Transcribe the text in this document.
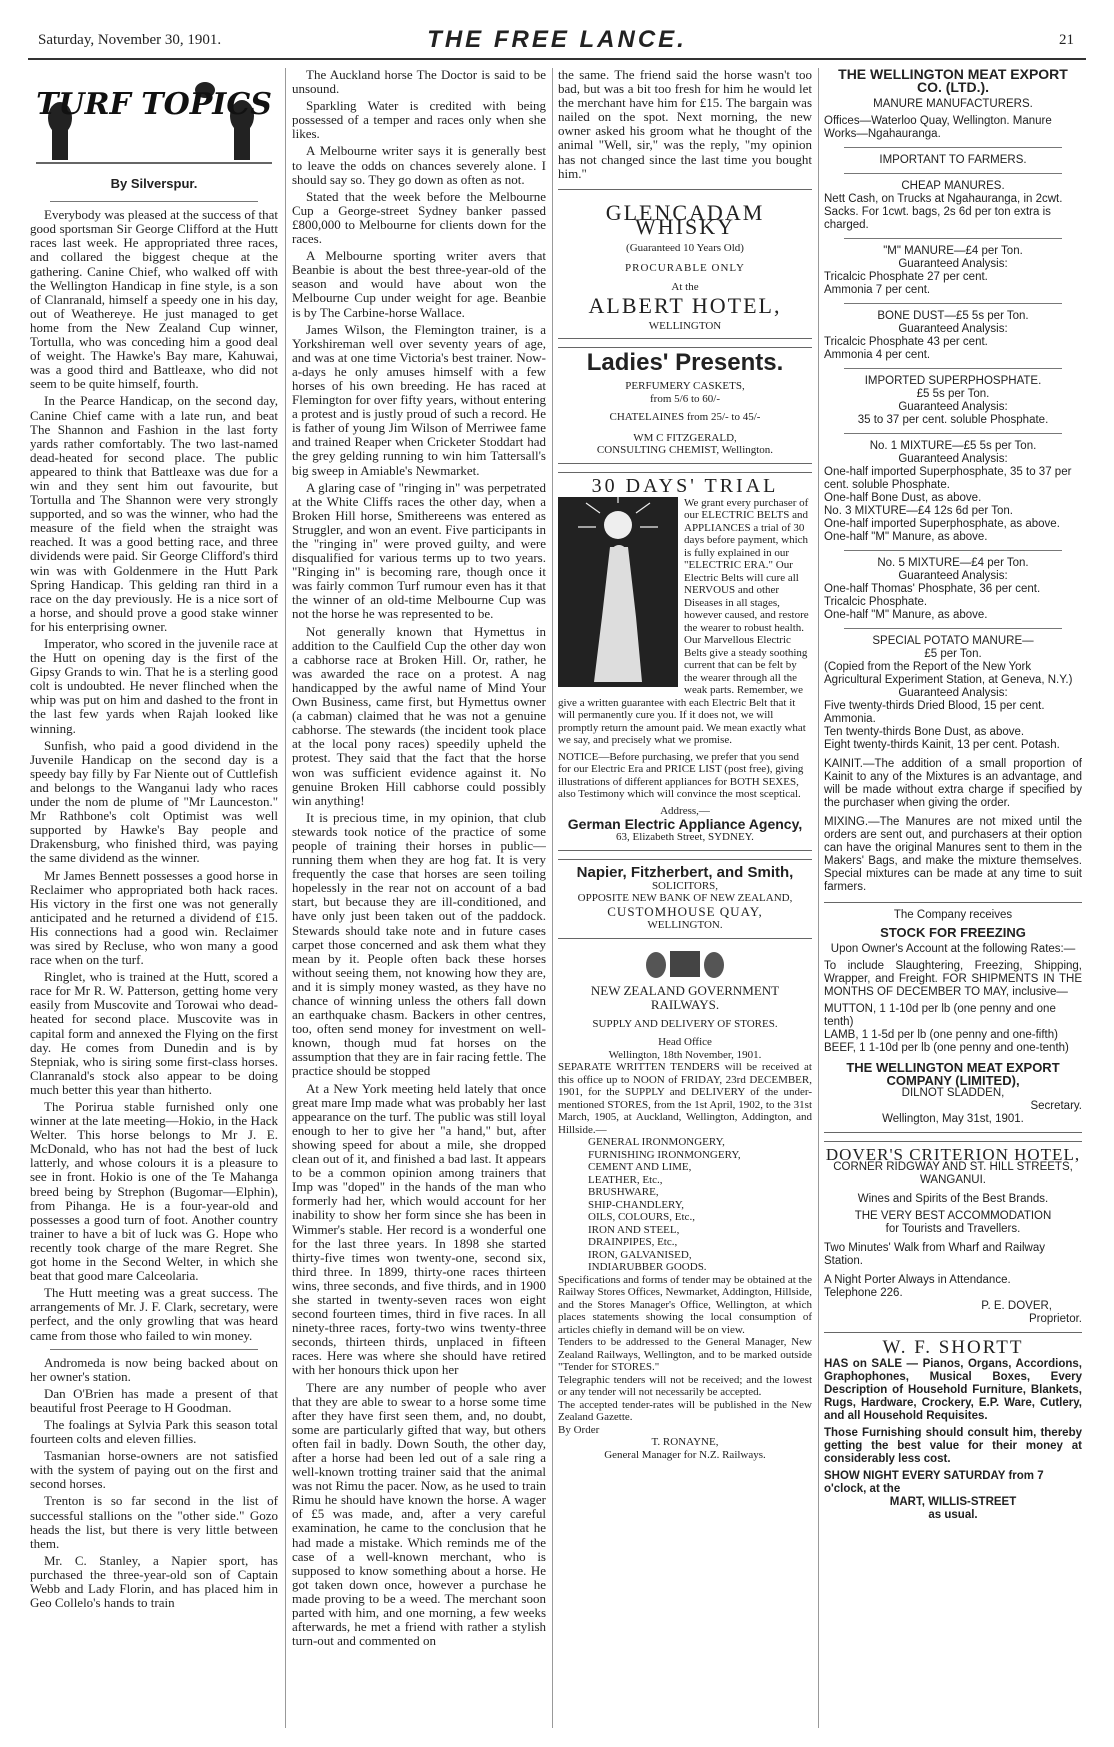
Saturday, November 30, 1901.	THE FREE LANCE.	21
TURF TOPICS
By Silverspur.

Everybody was pleased at the success of that good sportsman Sir George Clifford at the Hutt races last week. He appropriated three races, and collared the biggest cheque at the gathering. Canine Chief, who walked off with the Wellington Handicap in fine style, is a son of Clanranald, himself a speedy one in his day, out of Weathereye. He just managed to get home from the New Zealand Cup winner, Tortulla, who was conceding him a good deal of weight. The Hawke's Bay mare, Kahuwai, was a good third and Battleaxe, who did not seem to be quite himself, fourth.

In the Pearce Handicap, on the second day, Canine Chief came with a late run, and beat The Shannon and Fashion in the last forty yards rather comfortably. The two last-named dead-heated for second place. The public appeared to think that Battleaxe was due for a win and they sent him out favourite, but Tortulla and The Shannon were very strongly supported, and so was the winner, who had the measure of the field when the straight was reached. It was a good betting race, and three dividends were paid. Sir George Clifford's third win was with Goldenmere in the Hutt Park Spring Handicap. This gelding ran third in a race on the day previously. He is a nice sort of a horse, and should prove a good stake winner for his enterprising owner.

Imperator, who scored in the juvenile race at the Hutt on opening day is the first of the Gipsy Grands to win. That he is a sterling good colt is undoubted. He never flinched when the whip was put on him and dashed to the front in the last few yards when Rajah looked like winning.

Sunfish, who paid a good dividend in the Juvenile Handicap on the second day is a speedy bay filly by Far Niente out of Cuttlefish and belongs to the Wanganui lady who races under the nom de plume of "Mr Launceston." Mr Rathbone's colt Optimist was well supported by Hawke's Bay people and Drakensburg, who finished third, was paying the same dividend as the winner.

Mr James Bennett possesses a good horse in Reclaimer who appropriated both hack races. His victory in the first one was not generally anticipated and he returned a dividend of £15. His connections had a good win. Reclaimer was sired by Recluse, who won many a good race when on the turf.

Ringlet, who is trained at the Hutt, scored a race for Mr R. W. Patterson, getting home very easily from Muscovite and Torowai who dead-heated for second place. Muscovite was in capital form and annexed the Flying on the first day. He comes from Dunedin and is by Stepniak, who is siring some first-class horses. Clanranald's stock also appear to be doing much better this year than hitherto.

The Porirua stable furnished only one winner at the late meeting—Hokio, in the Hack Welter. This horse belongs to Mr J. E. McDonald, who has not had the best of luck latterly, and whose colours it is a pleasure to see in front. Hokio is one of the Te Mahanga breed being by Strephon (Bugomar—Elphin), from Pihanga. He is a four-year-old and possesses a good turn of foot. Another country trainer to have a bit of luck was G. Hope who recently took charge of the mare Regret. She got home in the Second Welter, in which she beat that good mare Calceolaria.

The Hutt meeting was a great success. The arrangements of Mr. J. F. Clark, secretary, were perfect, and the only growling that was heard came from those who failed to win money.

Andromeda is now being backed about on her owner's station.

Dan O'Brien has made a present of that beautiful frost Peerage to H Goodman.

The foalings at Sylvia Park this season total fourteen colts and eleven fillies.

Tasmanian horse-owners are not satisfied with the system of paying out on the first and second horses.

Trenton is so far second in the list of successful stallions on the "other side." Gozo heads the list, but there is very little between them.

Mr. C. Stanley, a Napier sport, has purchased the three-year-old son of Captain Webb and Lady Florin, and has placed him in Geo Collelo's hands to train

The Auckland horse The Doctor is said to be unsound.

Sparkling Water is credited with being possessed of a temper and races only when she likes.

A Melbourne writer says it is generally best to leave the odds on chances severely alone. I should say so. They go down as often as not.

Stated that the week before the Melbourne Cup a George-street Sydney banker passed £800,000 to Melbourne for clients down for the races.

A Melbourne sporting writer avers that Beanbie is about the best three-year-old of the season and would have about won the Melbourne Cup under weight for age. Beanbie is by The Carbine-horse Wallace.

James Wilson, the Flemington trainer, is a Yorkshireman well over seventy years of age, and was at one time Victoria's best trainer. Now-a-days he only amuses himself with a few horses of his own breeding. He has raced at Flemington for over fifty years, without entering a protest and is justly proud of such a record. He is father of young Jim Wilson of Merriwee fame and trained Reaper when Cricketer Stoddart had the grey gelding running to win him Tattersall's big sweep in Amiable's Newmarket.

A glaring case of "ringing in" was perpetrated at the White Cliffs races the other day, when a Broken Hill horse, Smithereens was entered as Struggler, and won an event. Five participants in the "ringing in" were proved guilty, and were disqualified for various terms up to two years. "Ringing in" is becoming rare, though once it was fairly common Turf rumour even has it that the winner of an old-time Melbourne Cup was not the horse he was represented to be.

Not generally known that Hymettus in addition to the Caulfield Cup the other day won a cabhorse race at Broken Hill. Or, rather, he was awarded the race on a protest. A nag handicapped by the awful name of Mind Your Own Business, came first, but Hymettus owner (a cabman) claimed that he was not a genuine cabhorse. The stewards (the incident took place at the local pony races) speedily upheld the protest. They said that the fact that the horse won was sufficient evidence against it. No genuine Broken Hill cabhorse could possibly win anything!

It is precious time, in my opinion, that club stewards took notice of the practice of some people of training their horses in public—running them when they are hog fat. It is very frequently the case that horses are seen toiling hopelessly in the rear not on account of a bad start, but because they are ill-conditioned, and have only just been taken out of the paddock. Stewards should take note and in future cases carpet those concerned and ask them what they mean by it. People often back these horses without seeing them, not knowing how they are, and it is simply money wasted, as they have no chance of winning unless the others fall down an earthquake chasm. Backers in other centres, too, often send money for investment on well-known, though mud fat horses on the assumption that they are in fair racing fettle. The practice should be stopped

At a New York meeting held lately that once great mare Imp made what was probably her last appearance on the turf. The public was still loyal enough to her to give her "a hand," but, after showing speed for about a mile, she dropped clean out of it, and finished a bad last. It appears to be a common opinion among trainers that Imp was "doped" in the hands of the man who formerly had her, which would account for her inability to show her form since she has been in Wimmer's stable. Her record is a wonderful one for the last three years. In 1898 she started thirty-five times won twenty-one, second six, third three. In 1899, thirty-one races thirteen wins, three seconds, and five thirds, and in 1900 she started in twenty-seven races won eight second fourteen times, third in five races. In all ninety-three races, forty-two wins twenty-three seconds, thirteen thirds, unplaced in fifteen races. Here was where she should have retired with her honours thick upon her

There are any number of people who aver that they are able to swear to a horse some time after they have first seen them, and, no doubt, some are particularly gifted that way, but others often fail in badly. Down South, the other day, after a horse had been led out of a sale ring a well-known trotting trainer said that the animal was not Rimu the pacer. Now, as he used to train Rimu he should have known the horse. A wager of £5 was made, and, after a very careful examination, he came to the conclusion that he had made a mistake. Which reminds me of the case of a well-known merchant, who is supposed to know something about a horse. He got taken down once, however a purchase he made proving to be a weed. The merchant soon parted with him, and one morning, a few weeks afterwards, he met a friend with rather a stylish turn-out and commented on

the same. The friend said the horse wasn't too bad, but was a bit too fresh for him he would let the merchant have him for £15. The bargain was nailed on the spot. Next morning, the new owner asked his groom what he thought of the animal "Well, sir," was the reply, "my opinion has not changed since the last time you bought him."

GLENCADAM WHISKY
(Guaranteed 10 Years Old)
PROCURABLE ONLY
At the
ALBERT HOTEL,
WELLINGTON
Ladies' Presents.
PERFUMERY CASKETS,
from 5/6 to 60/-
CHATELAINES from 25/- to 45/-
WM C FITZGERALD,
CONSULTING CHEMIST, Wellington.
30 DAYS' TRIAL
We grant every purchaser of our ELECTRIC BELTS and APPLIANCES a trial of 30 days before payment, which is fully explained in our "ELECTRIC ERA." Our Electric Belts will cure all NERVOUS and other Diseases in all stages, however caused, and restore the wearer to robust health. Our Marvellous Electric Belts give a steady soothing current that can be felt by the wearer through all the weak parts. Remember, we give a written guarantee with each Electric Belt that it will permanently cure you. If it does not, we will promptly return the amount paid. We mean exactly what we say, and precisely what we promise.
NOTICE—Before purchasing, we prefer that you send for our Electric Era and PRICE LIST (post free), giving illustrations of different appliances for BOTH SEXES, also Testimony which will convince the most sceptical.
Address,—
German Electric Appliance Agency,
63, Elizabeth Street, SYDNEY.
Napier, Fitzherbert, and Smith,
SOLICITORS,
OPPOSITE NEW BANK OF NEW ZEALAND,
CUSTOMHOUSE QUAY,
WELLINGTON.
NEW ZEALAND GOVERNMENT RAILWAYS.
SUPPLY AND DELIVERY OF STORES.
Head Office
Wellington, 18th November, 1901.
SEPARATE WRITTEN TENDERS will be received at this office up to NOON of FRIDAY, 23rd DECEMBER, 1901, for the SUPPLY and DELIVERY of the under-mentioned STORES, from the 1st April, 1902, to the 31st March, 1905, at Auckland, Wellington, Addington, and Hillside.—
GENERAL IRONMONGERY,
FURNISHING IRONMONGERY,
CEMENT AND LIME,
LEATHER, Etc.,
BRUSHWARE,
SHIP-CHANDLERY,
OILS, COLOURS, Etc.,
IRON AND STEEL,
DRAINPIPES, Etc.,
IRON, GALVANISED,
INDIARUBBER GOODS.
Specifications and forms of tender may be obtained at the Railway Stores Offices, Newmarket, Addington, Hillside, and the Stores Manager's Office, Wellington, at which places statements showing the local consumption of articles chiefly in demand will be on view.
Tenders to be addressed to the General Manager, New Zealand Railways, Wellington, and to be marked outside "Tender for STORES."
Telegraphic tenders will not be received; and the lowest or any tender will not necessarily be accepted.
The accepted tender-rates will be published in the New Zealand Gazette.
By Order
T. RONAYNE,
General Manager for N.Z. Railways.
THE WELLINGTON MEAT EXPORT CO. (LTD.).
MANURE MANUFACTURERS.
Offices—Waterloo Quay, Wellington. Manure Works—Ngahauranga.
IMPORTANT TO FARMERS.
CHEAP MANURES.
Nett Cash, on Trucks at Ngahauranga, in 2cwt. Sacks. For 1cwt. bags, 2s 6d per ton extra is charged.
"M" MANURE—£4 per Ton.
Guaranteed Analysis:
Tricalcic Phosphate 27 per cent.
Ammonia 7 per cent.
BONE DUST—£5 5s per Ton.
Guaranteed Analysis:
Tricalcic Phosphate 43 per cent.
Ammonia 4 per cent.
IMPORTED SUPERPHOSPHATE.
£5 5s per Ton.
Guaranteed Analysis:
35 to 37 per cent. soluble Phosphate.
No. 1 MIXTURE—£5 5s per Ton.
Guaranteed Analysis:
One-half imported Superphosphate, 35 to 37 per cent. soluble Phosphate.
One-half Bone Dust, as above.
No. 3 MIXTURE—£4 12s 6d per Ton.
One-half imported Superphosphate, as above.
One-half "M" Manure, as above.
No. 5 MIXTURE—£4 per Ton.
Guaranteed Analysis:
One-half Thomas' Phosphate, 36 per cent. Tricalcic Phosphate.
One-half "M" Manure, as above.
SPECIAL POTATO MANURE—
£5 per Ton.
(Copied from the Report of the New York Agricultural Experiment Station, at Geneva, N.Y.)
Guaranteed Analysis:
Five twenty-thirds Dried Blood, 15 per cent. Ammonia.
Ten twenty-thirds Bone Dust, as above.
Eight twenty-thirds Kainit, 13 per cent. Potash.
KAINIT.—The addition of a small proportion of Kainit to any of the Mixtures is an advantage, and will be made without extra charge if specified by the purchaser when giving the order.
MIXING.—The Manures are not mixed until the orders are sent out, and purchasers at their option can have the original Manures sent to them in the Makers' Bags, and make the mixture themselves. Special mixtures can be made at any time to suit farmers.
The Company receives
STOCK FOR FREEZING
Upon Owner's Account at the following Rates:—
To include Slaughtering, Freezing, Shipping, Wrapper, and Freight. FOR SHIPMENTS IN THE MONTHS OF DECEMBER TO MAY, inclusive—
MUTTON, 1 1-10d per lb (one penny and one tenth)
LAMB, 1 1-5d per lb (one penny and one-fifth)
BEEF, 1 1-10d per lb (one penny and one-tenth)
THE WELLINGTON MEAT EXPORT COMPANY (LIMITED),
DILNOT SLADDEN,
Secretary.
Wellington, May 31st, 1901.
DOVER'S CRITERION HOTEL,
CORNER RIDGWAY AND ST. HILL STREETS, WANGANUI.
Wines and Spirits of the Best Brands.
THE VERY BEST ACCOMMODATION
for Tourists and Travellers.
Two Minutes' Walk from Wharf and Railway Station.
A Night Porter Always in Attendance.
Telephone 226.
P. E. DOVER,
Proprietor.
W. F. SHORTT
HAS on SALE — Pianos, Organs, Accordions, Graphophones, Musical Boxes, Every Description of Household Furniture, Blankets, Rugs, Hardware, Crockery, E.P. Ware, Cutlery, and all Household Requisites.
Those Furnishing should consult him, thereby getting the best value for their money at considerably less cost.
SHOW NIGHT EVERY SATURDAY from 7 o'clock, at the
MART, WILLIS-STREET
as usual.
